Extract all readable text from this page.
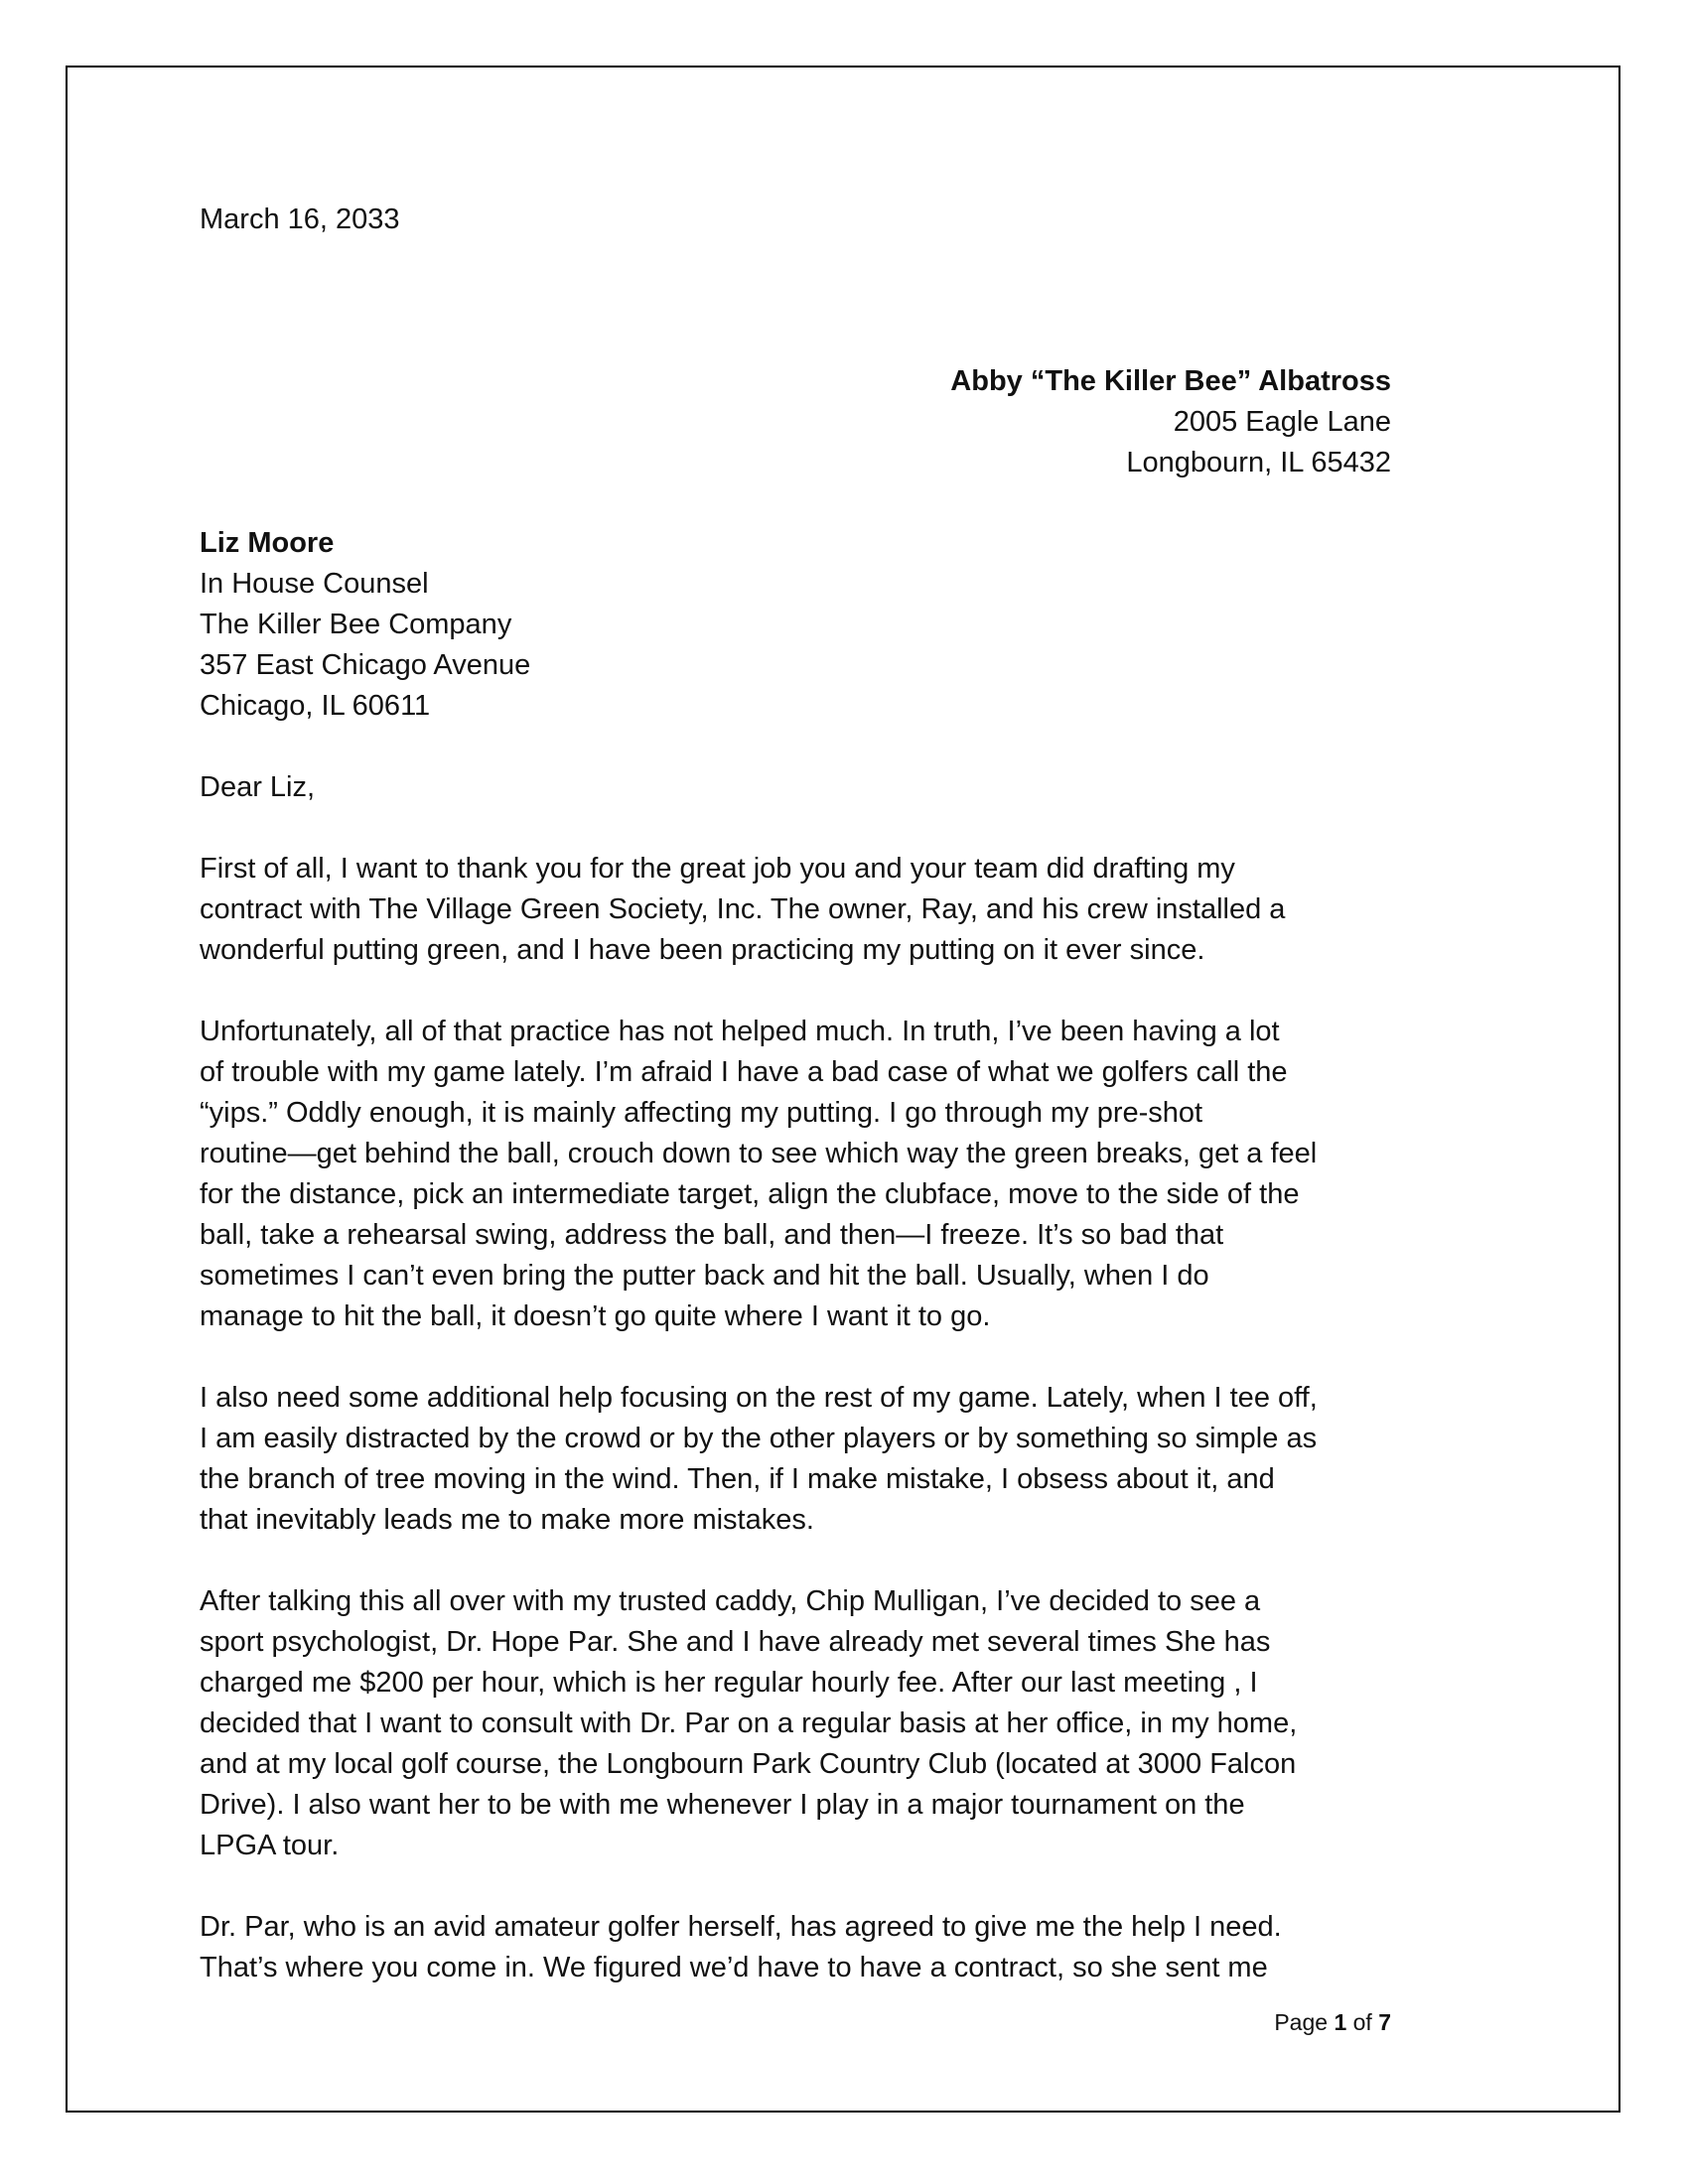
March 16, 2033
Abby “The Killer Bee” Albatross
2005 Eagle Lane
Longbourn, IL 65432
Liz Moore
In House Counsel
The Killer Bee Company
357 East Chicago Avenue
Chicago, IL 60611
Dear Liz,
First of all, I want to thank you for the great job you and your team did drafting my
contract with The Village Green Society, Inc. The owner, Ray, and his crew installed a
wonderful putting green, and I have been practicing my putting on it ever since.
Unfortunately, all of that practice has not helped much. In truth, I’ve been having a lot
of trouble with my game lately. I’m afraid I have a bad case of what we golfers call the
“yips.” Oddly enough, it is mainly affecting my putting. I go through my pre-shot
routine—get behind the ball, crouch down to see which way the green breaks, get a feel
for the distance, pick an intermediate target, align the clubface, move to the side of the
ball, take a rehearsal swing, address the ball, and then—I freeze. It’s so bad that
sometimes I can’t even bring the putter back and hit the ball. Usually, when I do
manage to hit the ball, it doesn’t go quite where I want it to go.
I also need some additional help focusing on the rest of my game. Lately, when I tee off,
I am easily distracted by the crowd or by the other players or by something so simple as
the branch of tree moving in the wind. Then, if I make mistake, I obsess about it, and
that inevitably leads me to make more mistakes.
After talking this all over with my trusted caddy, Chip Mulligan, I’ve decided to see a
sport psychologist, Dr. Hope Par. She and I have already met several times She has
charged me $200 per hour, which is her regular hourly fee. After our last meeting , I
decided that I want to consult with Dr. Par on a regular basis at her office, in my home,
and at my local golf course, the Longbourn Park Country Club (located at 3000 Falcon
Drive). I also want her to be with me whenever I play in a major tournament on the
LPGA tour.
Dr. Par, who is an avid amateur golfer herself, has agreed to give me the help I need.
That’s where you come in. We figured we’d have to have a contract, so she sent me
Page 1 of 7
